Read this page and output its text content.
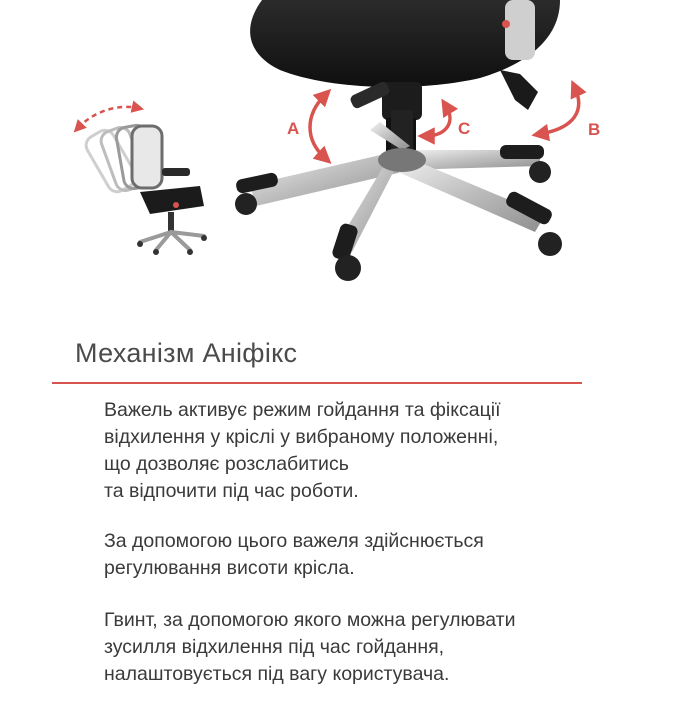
A	C	B
Механізм Аніфікс

Важель активує режим гойдання та фіксації
відхилення у кріслі у вибраному положенні,
що дозволяє розслабитись
та відпочити під час роботи.

За допомогою цього важеля здійснюється
регулювання висоти крісла.

Гвинт, за допомогою якого можна регулювати
зусилля відхилення під час гойдання,
налаштовується під вагу користувача.
